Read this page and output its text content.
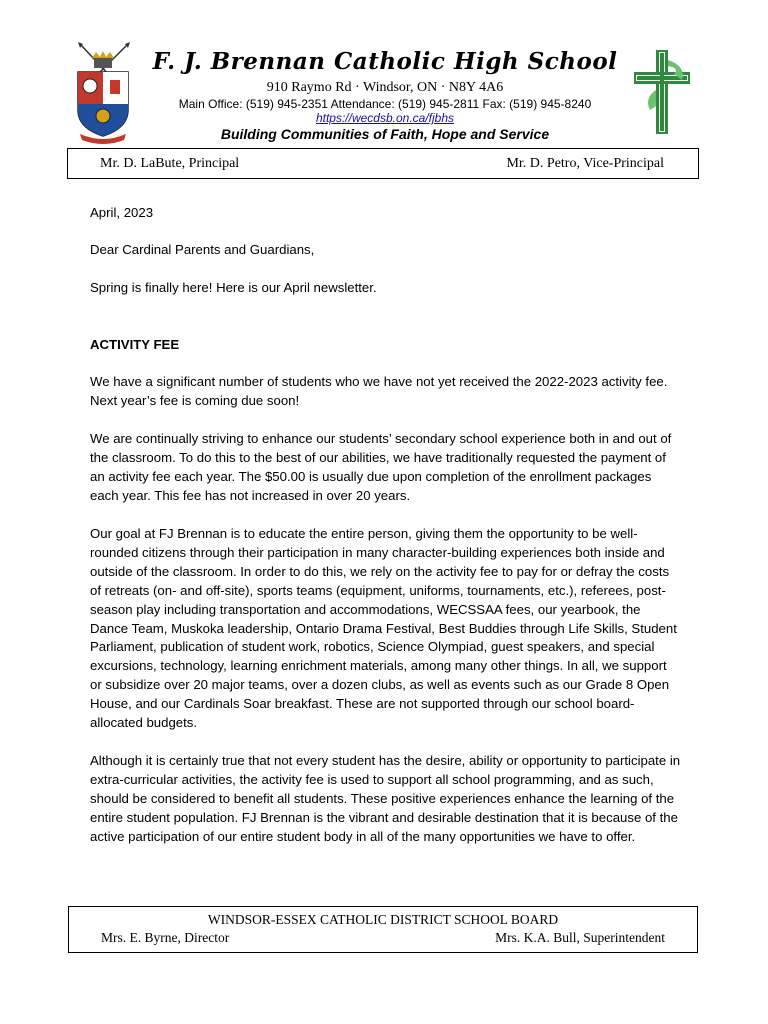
F. J. Brennan Catholic High School
910 Raymo Rd · Windsor, ON · N8Y 4A6
Main Office: (519) 945-2351 Attendance: (519) 945-2811 Fax: (519) 945-8240
https://wecdsb.on.ca/fjbhs
Building Communities of Faith, Hope and Service
Mr. D. LaBute, Principal	Mr. D. Petro, Vice-Principal
April, 2023
Dear Cardinal Parents and Guardians,
Spring is finally here! Here is our April newsletter.
ACTIVITY FEE
We have a significant number of students who we have not yet received the 2022-2023 activity fee. Next year’s fee is coming due soon!
We are continually striving to enhance our students’ secondary school experience both in and out of the classroom. To do this to the best of our abilities, we have traditionally requested the payment of an activity fee each year. The $50.00 is usually due upon completion of the enrollment packages each year. This fee has not increased in over 20 years.
Our goal at FJ Brennan is to educate the entire person, giving them the opportunity to be well-rounded citizens through their participation in many character-building experiences both inside and outside of the classroom. In order to do this, we rely on the activity fee to pay for or defray the costs of retreats (on- and off-site), sports teams (equipment, uniforms, tournaments, etc.), referees, post-season play including transportation and accommodations, WECSSAA fees, our yearbook, the Dance Team, Muskoka leadership, Ontario Drama Festival, Best Buddies through Life Skills, Student Parliament, publication of student work, robotics, Science Olympiad, guest speakers, and special excursions, technology, learning enrichment materials, among many other things. In all, we support or subsidize over 20 major teams, over a dozen clubs, as well as events such as our Grade 8 Open House, and our Cardinals Soar breakfast. These are not supported through our school board-allocated budgets.
Although it is certainly true that not every student has the desire, ability or opportunity to participate in extra-curricular activities, the activity fee is used to support all school programming, and as such, should be considered to benefit all students. These positive experiences enhance the learning of the entire student population. FJ Brennan is the vibrant and desirable destination that it is because of the active participation of our entire student body in all of the many opportunities we have to offer.
WINDSOR-ESSEX CATHOLIC DISTRICT SCHOOL BOARD
Mrs. E. Byrne, Director	Mrs. K.A. Bull, Superintendent
